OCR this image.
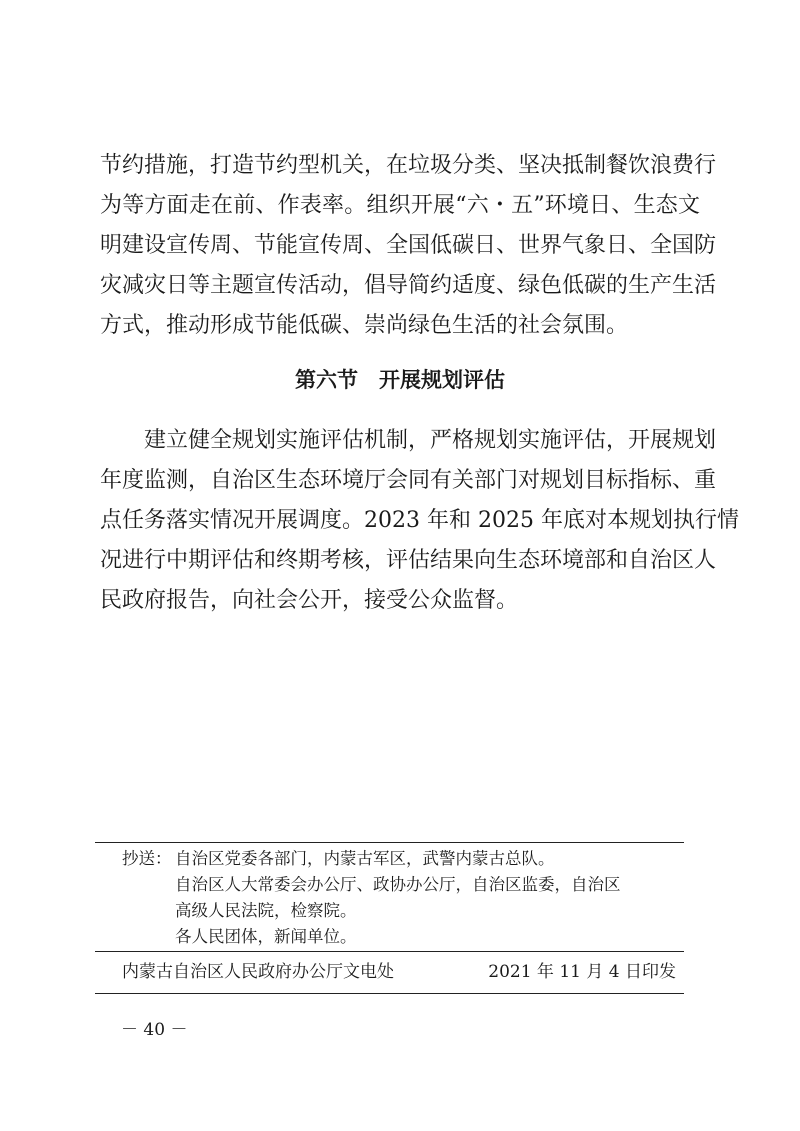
节约措施，打造节约型机关，在垃圾分类、坚决抵制餐饮浪费行
为等方面走在前、作表率。组织开展“六・五”环境日、生态文
明建设宣传周、节能宣传周、全国低碳日、世界气象日、全国防
灾减灾日等主题宣传活动，倡导简约适度、绿色低碳的生产生活
方式，推动形成节能低碳、崇尚绿色生活的社会氛围。
第六节　开展规划评估
　　建立健全规划实施评估机制，严格规划实施评估，开展规划
年度监测，自治区生态环境厅会同有关部门对规划目标指标、重
点任务落实情况开展调度。2023 年和 2025 年底对本规划执行情
况进行中期评估和终期考核，评估结果向生态环境部和自治区人
民政府报告，向社会公开，接受公众监督。
抄送： 自治区党委各部门，内蒙古军区，武警内蒙古总队。
自治区人大常委会办公厅、政协办公厅，自治区监委，自治区
高级人民法院，检察院。
各人民团体，新闻单位。
内蒙古自治区人民政府办公厅文电处	2021 年 11 月 4 日印发
－ 40 －
